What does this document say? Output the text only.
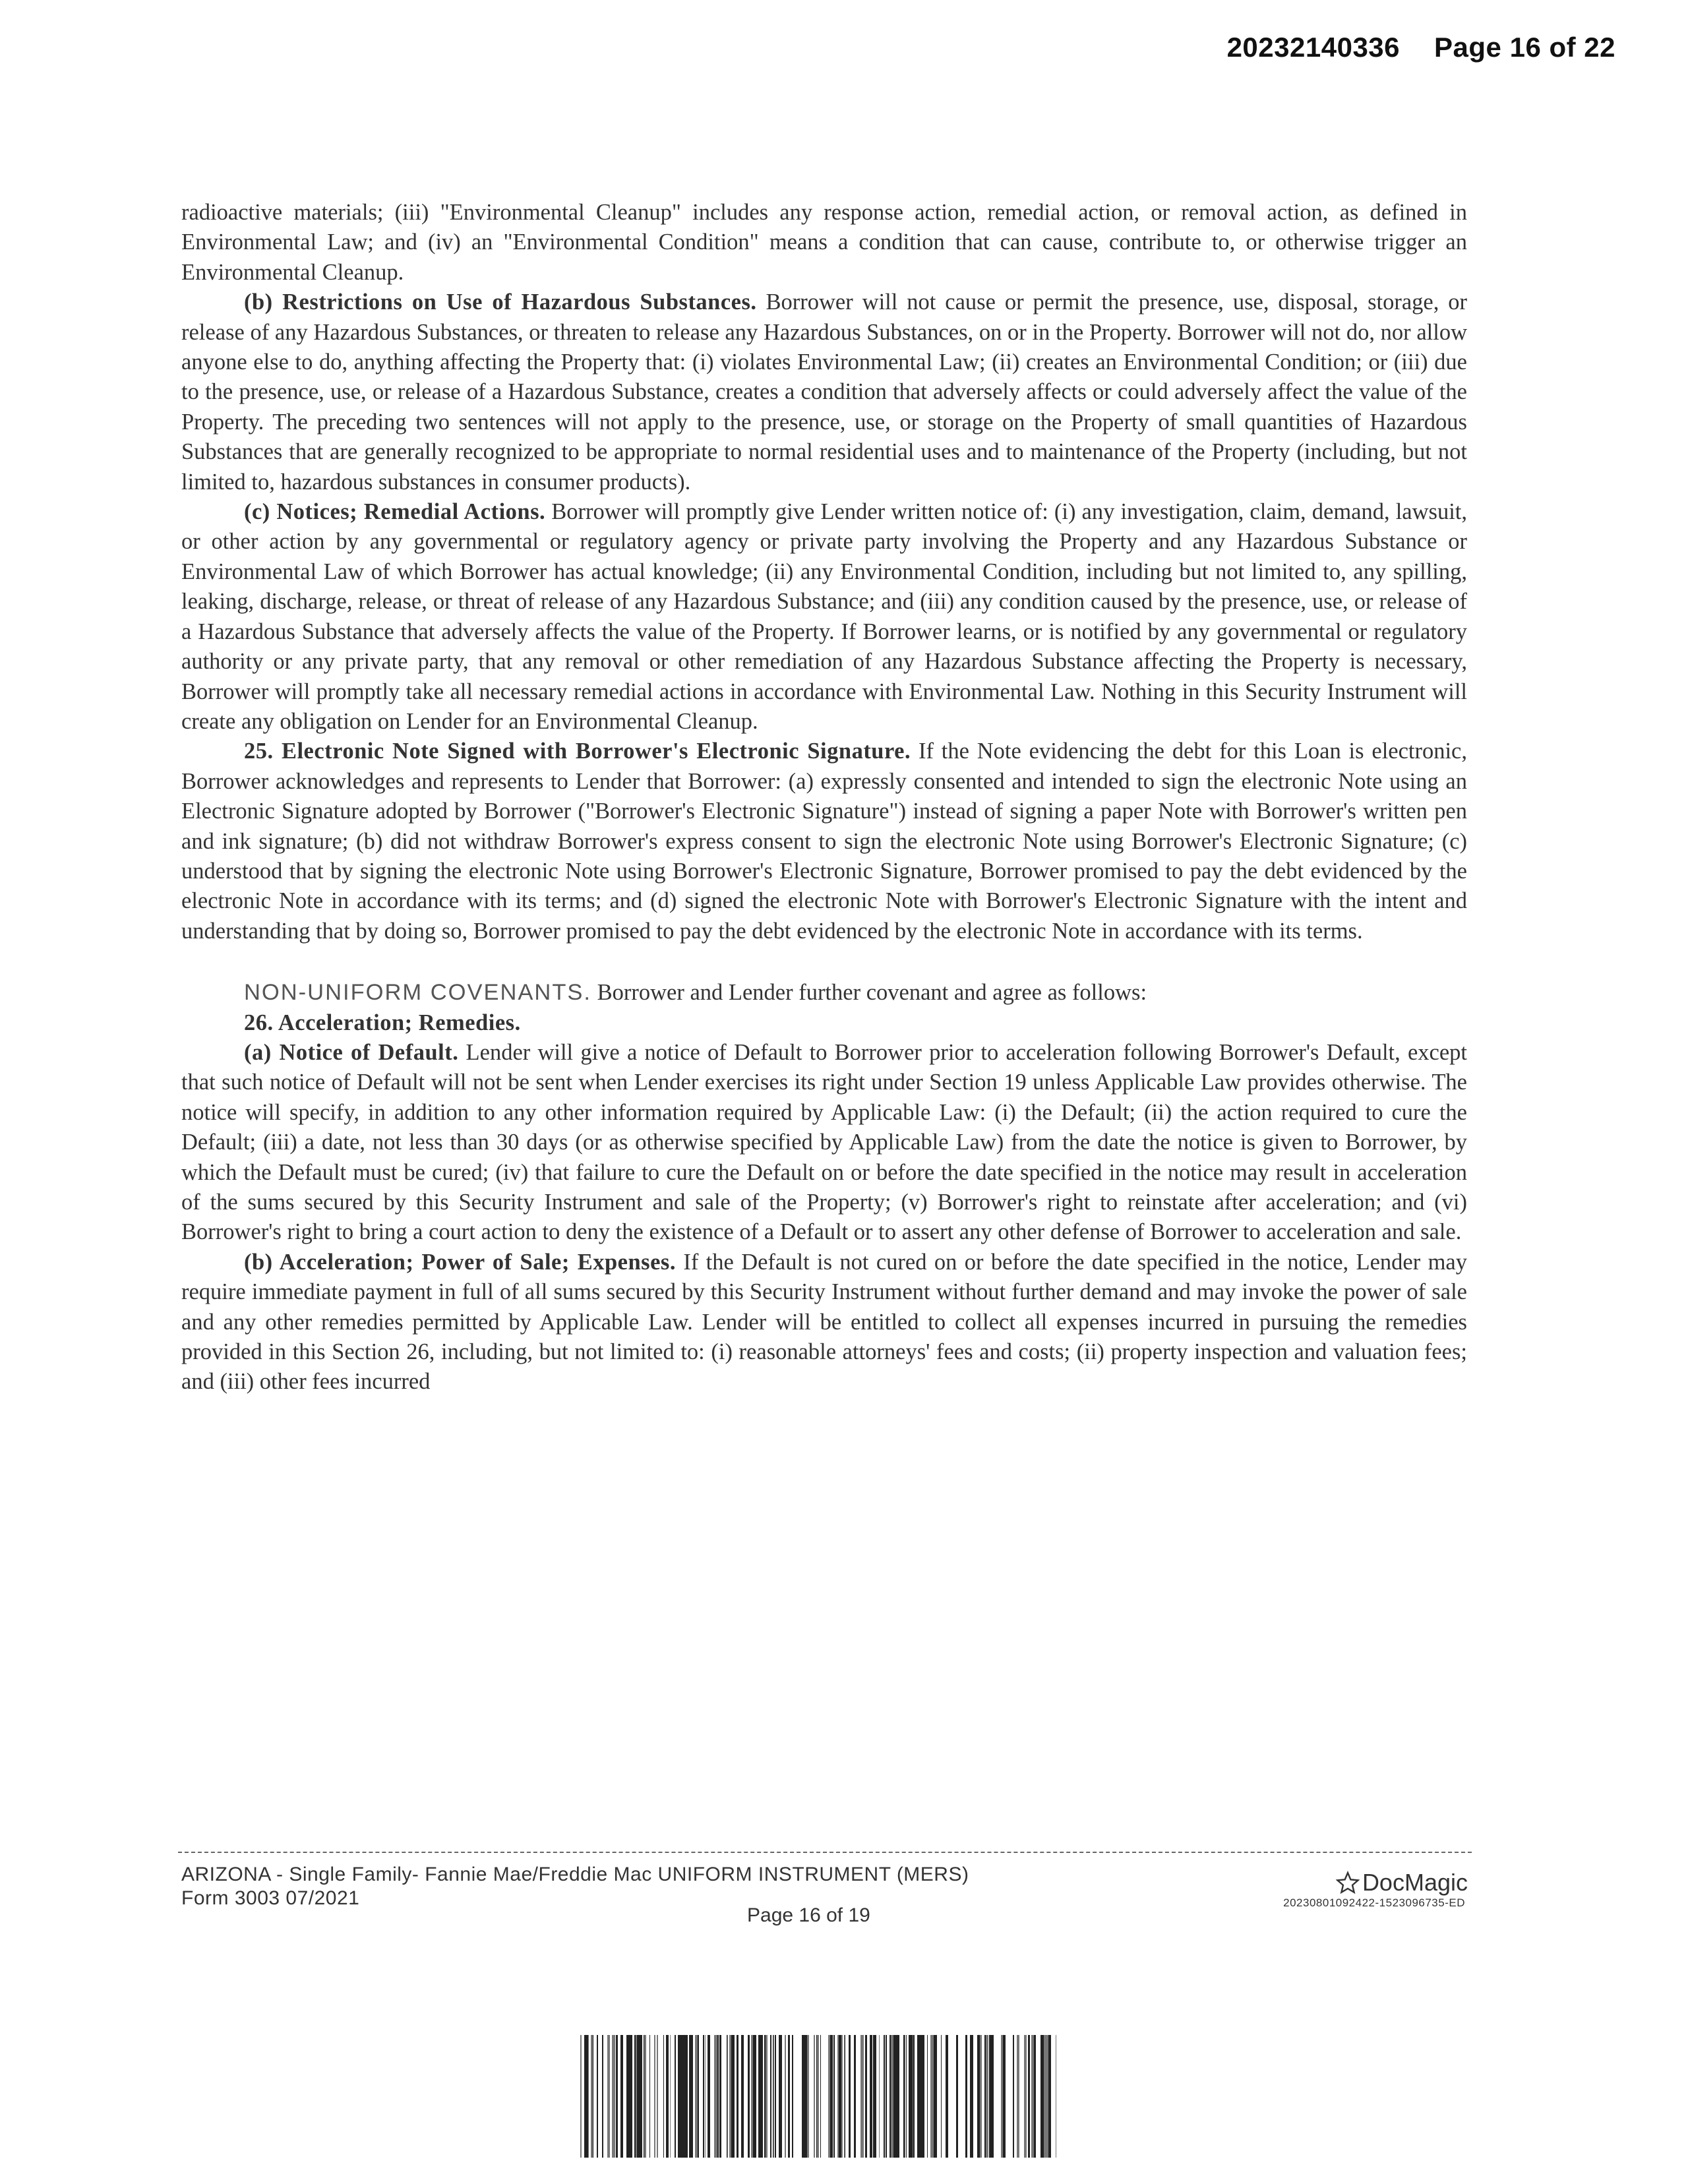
20232140336 Page 16 of 22

radioactive materials; (iii) "Environmental Cleanup" includes any response action, remedial action, or removal action, as defined in Environmental Law; and (iv) an "Environmental Condition" means a condition that can cause, contribute to, or otherwise trigger an Environmental Cleanup.

(b) Restrictions on Use of Hazardous Substances. Borrower will not cause or permit the presence, use, disposal, storage, or release of any Hazardous Substances, or threaten to release any Hazardous Substances, on or in the Property. Borrower will not do, nor allow anyone else to do, anything affecting the Property that: (i) violates Environmental Law; (ii) creates an Environmental Condition; or (iii) due to the presence, use, or release of a Hazardous Substance, creates a condition that adversely affects or could adversely affect the value of the Property. The preceding two sentences will not apply to the presence, use, or storage on the Property of small quantities of Hazardous Substances that are generally recognized to be appropriate to normal residential uses and to maintenance of the Property (including, but not limited to, hazardous substances in consumer products).

(c) Notices; Remedial Actions. Borrower will promptly give Lender written notice of: (i) any investigation, claim, demand, lawsuit, or other action by any governmental or regulatory agency or private party involving the Property and any Hazardous Substance or Environmental Law of which Borrower has actual knowledge; (ii) any Environmental Condition, including but not limited to, any spilling, leaking, discharge, release, or threat of release of any Hazardous Substance; and (iii) any condition caused by the presence, use, or release of a Hazardous Substance that adversely affects the value of the Property. If Borrower learns, or is notified by any governmental or regulatory authority or any private party, that any removal or other remediation of any Hazardous Substance affecting the Property is necessary, Borrower will promptly take all necessary remedial actions in accordance with Environmental Law. Nothing in this Security Instrument will create any obligation on Lender for an Environmental Cleanup.

25. Electronic Note Signed with Borrower's Electronic Signature. If the Note evidencing the debt for this Loan is electronic, Borrower acknowledges and represents to Lender that Borrower: (a) expressly consented and intended to sign the electronic Note using an Electronic Signature adopted by Borrower ("Borrower's Electronic Signature") instead of signing a paper Note with Borrower's written pen and ink signature; (b) did not withdraw Borrower's express consent to sign the electronic Note using Borrower's Electronic Signature; (c) understood that by signing the electronic Note using Borrower's Electronic Signature, Borrower promised to pay the debt evidenced by the electronic Note in accordance with its terms; and (d) signed the electronic Note with Borrower's Electronic Signature with the intent and understanding that by doing so, Borrower promised to pay the debt evidenced by the electronic Note in accordance with its terms.

NON-UNIFORM COVENANTS. Borrower and Lender further covenant and agree as follows:

26. Acceleration; Remedies.

(a) Notice of Default. Lender will give a notice of Default to Borrower prior to acceleration following Borrower's Default, except that such notice of Default will not be sent when Lender exercises its right under Section 19 unless Applicable Law provides otherwise. The notice will specify, in addition to any other information required by Applicable Law: (i) the Default; (ii) the action required to cure the Default; (iii) a date, not less than 30 days (or as otherwise specified by Applicable Law) from the date the notice is given to Borrower, by which the Default must be cured; (iv) that failure to cure the Default on or before the date specified in the notice may result in acceleration of the sums secured by this Security Instrument and sale of the Property; (v) Borrower's right to reinstate after acceleration; and (vi) Borrower's right to bring a court action to deny the existence of a Default or to assert any other defense of Borrower to acceleration and sale.

(b) Acceleration; Power of Sale; Expenses. If the Default is not cured on or before the date specified in the notice, Lender may require immediate payment in full of all sums secured by this Security Instrument without further demand and may invoke the power of sale and any other remedies permitted by Applicable Law. Lender will be entitled to collect all expenses incurred in pursuing the remedies provided in this Section 26, including, but not limited to: (i) reasonable attorneys' fees and costs; (ii) property inspection and valuation fees; and (iii) other fees incurred

ARIZONA - Single Family- Fannie Mae/Freddie Mac UNIFORM INSTRUMENT (MERS)
Form 3003 07/2021
Page 16 of 19
DocMagic
20230801092422-1523096735-ED
